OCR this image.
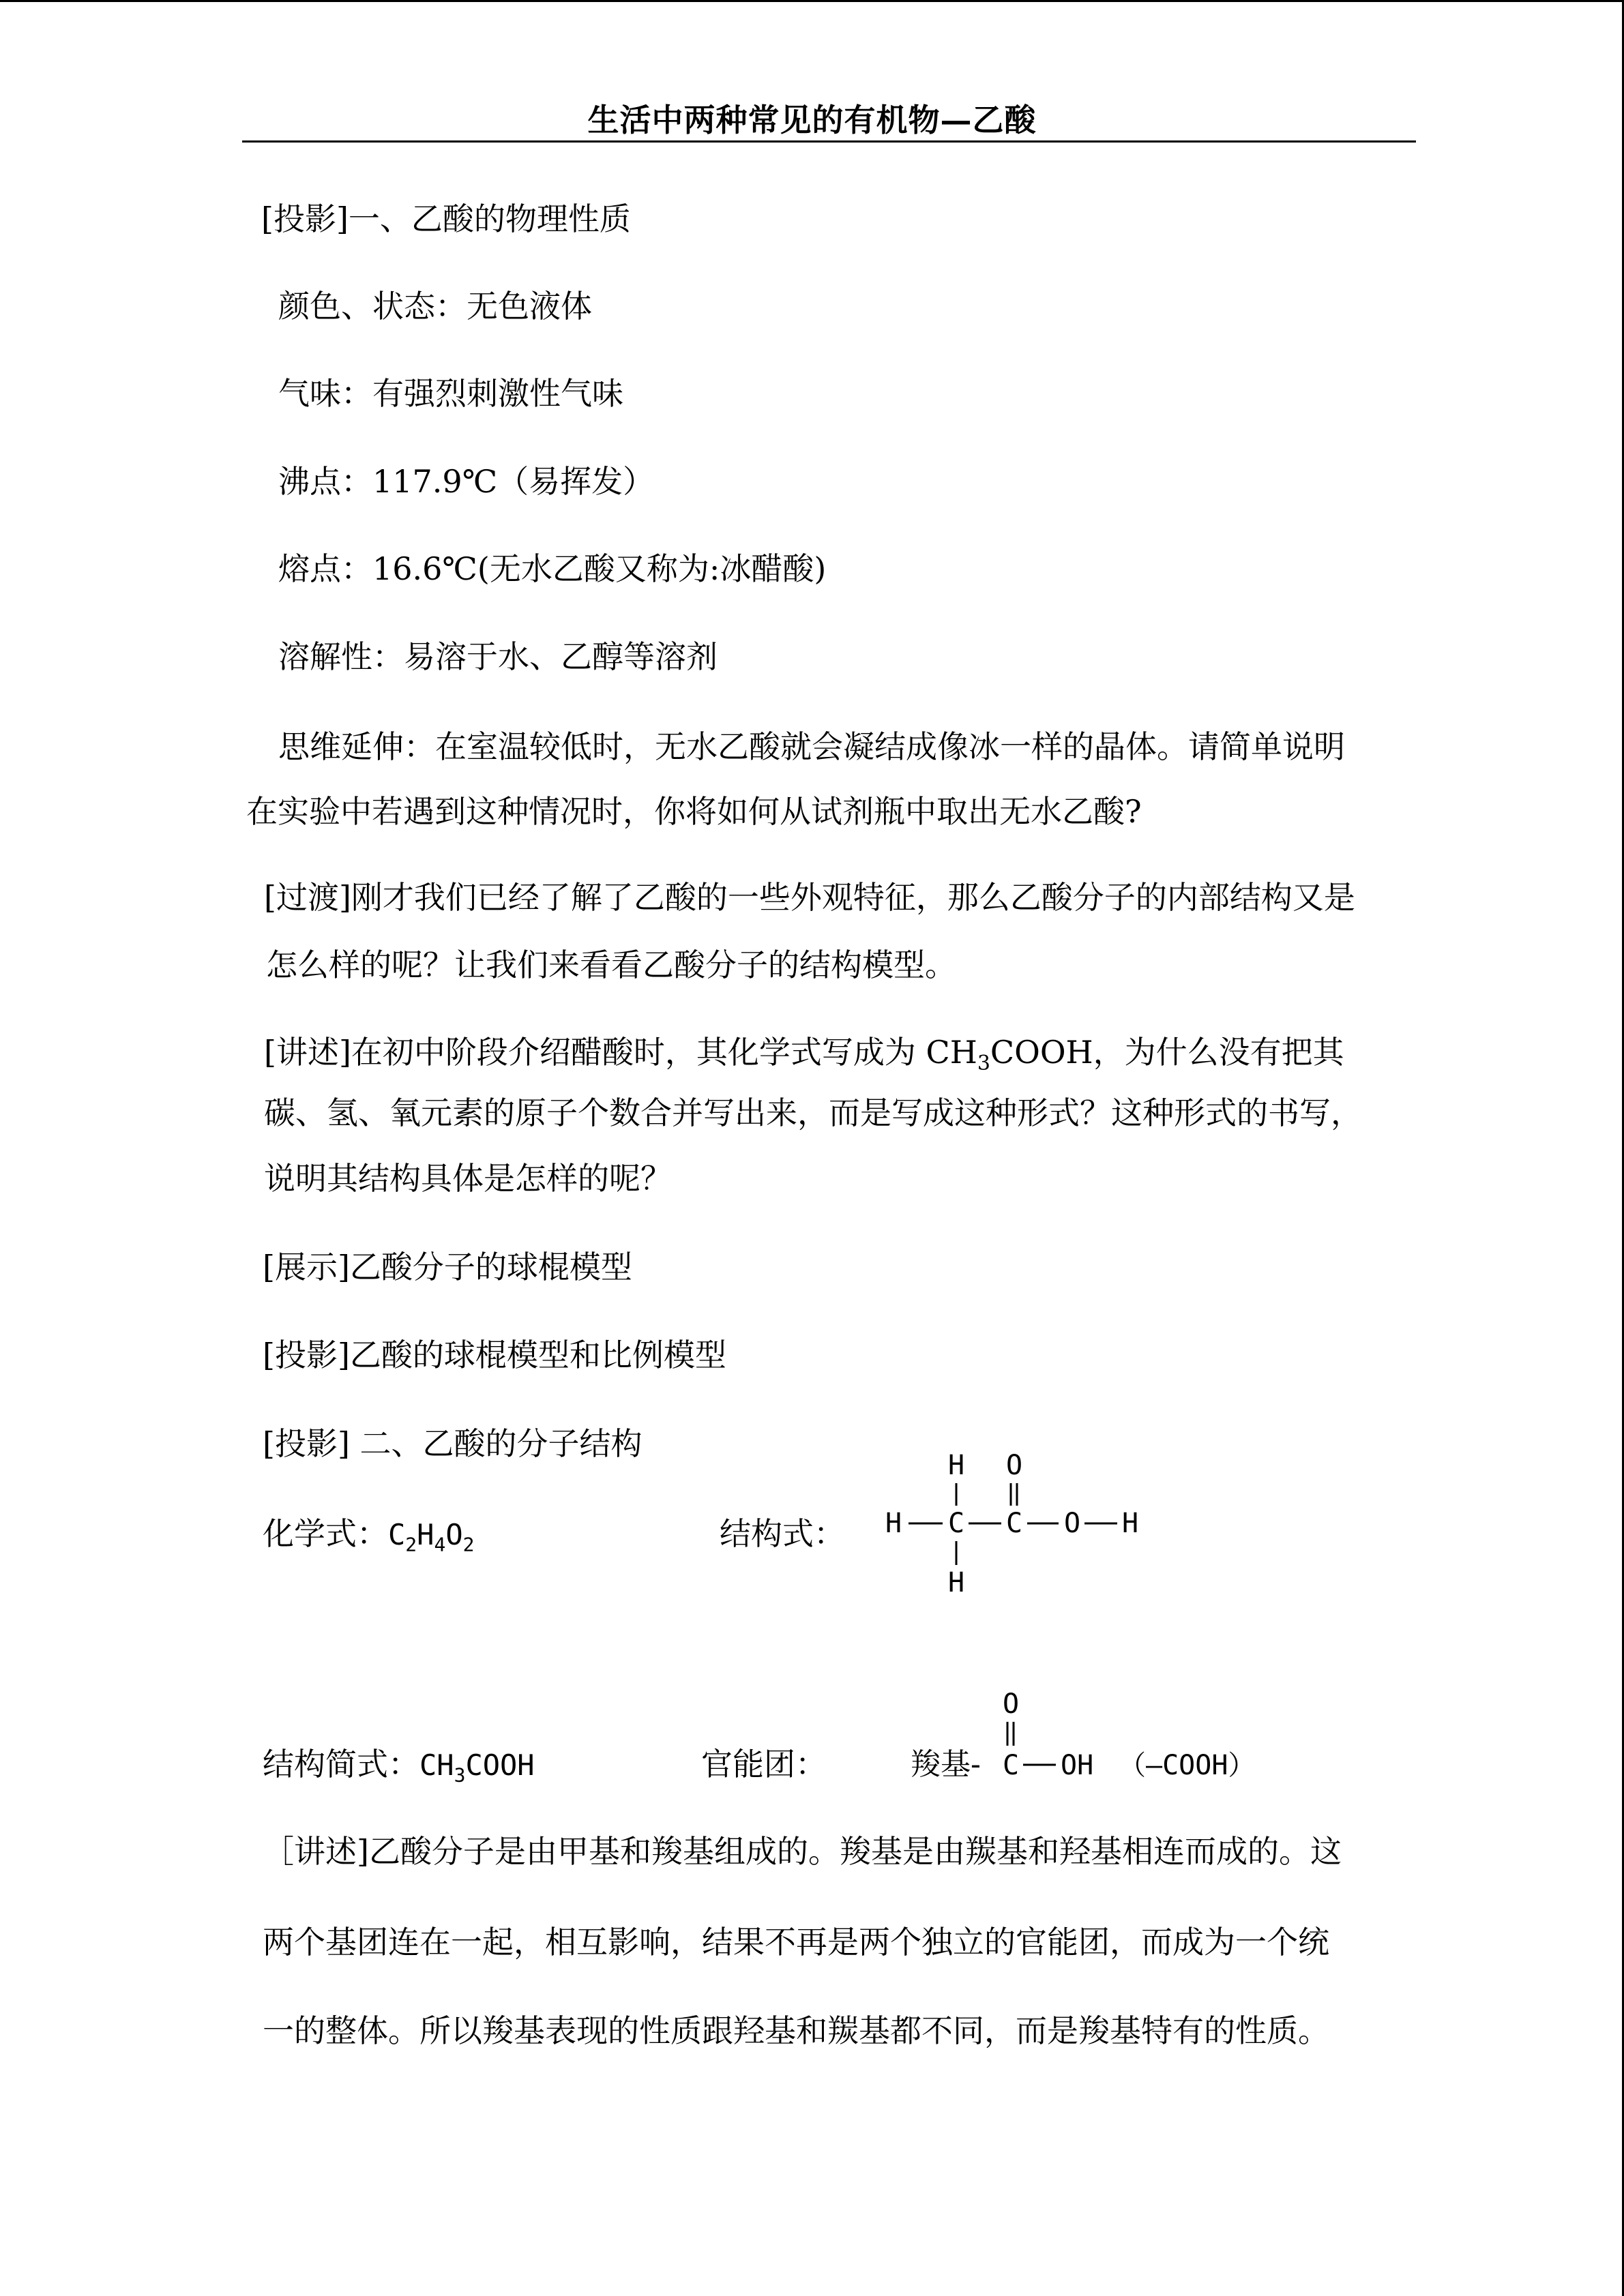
生活中两种常见的有机物—乙酸
[投影]一、乙酸的物理性质
颜色、状态：无色液体
气味：有强烈刺激性气味
沸点：117.9℃（易挥发）
熔点：16.6℃(无水乙酸又称为:冰醋酸)
溶解性：易溶于水、乙醇等溶剂
思维延伸：在室温较低时，无水乙酸就会凝结成像冰一样的晶体。请简单说明
在实验中若遇到这种情况时，你将如何从试剂瓶中取出无水乙酸?
[过渡]刚才我们已经了解了乙酸的一些外观特征，那么乙酸分子的内部结构又是
怎么样的呢？让我们来看看乙酸分子的结构模型。
[讲述]在初中阶段介绍醋酸时，其化学式写成为 $CH_3COOH$，为什么没有把其
碳、氢、氧元素的原子个数合并写出来，而是写成这种形式？这种形式的书写，
说明其结构具体是怎样的呢？
[展示]乙酸分子的球棍模型
[投影]乙酸的球棍模型和比例模型
[投影] 二、乙酸的分子结构
化学式：$C_2H_4O_2$	结构式：
H O
H C C O H
H
结构简式：$CH_3COOH$	官能团：
O
羧基- C OH （—COOH）
［讲述]乙酸分子是由甲基和羧基组成的。羧基是由羰基和羟基相连而成的。这
两个基团连在一起，相互影响，结果不再是两个独立的官能团，而成为一个统
一的整体。所以羧基表现的性质跟羟基和羰基都不同，而是羧基特有的性质。
